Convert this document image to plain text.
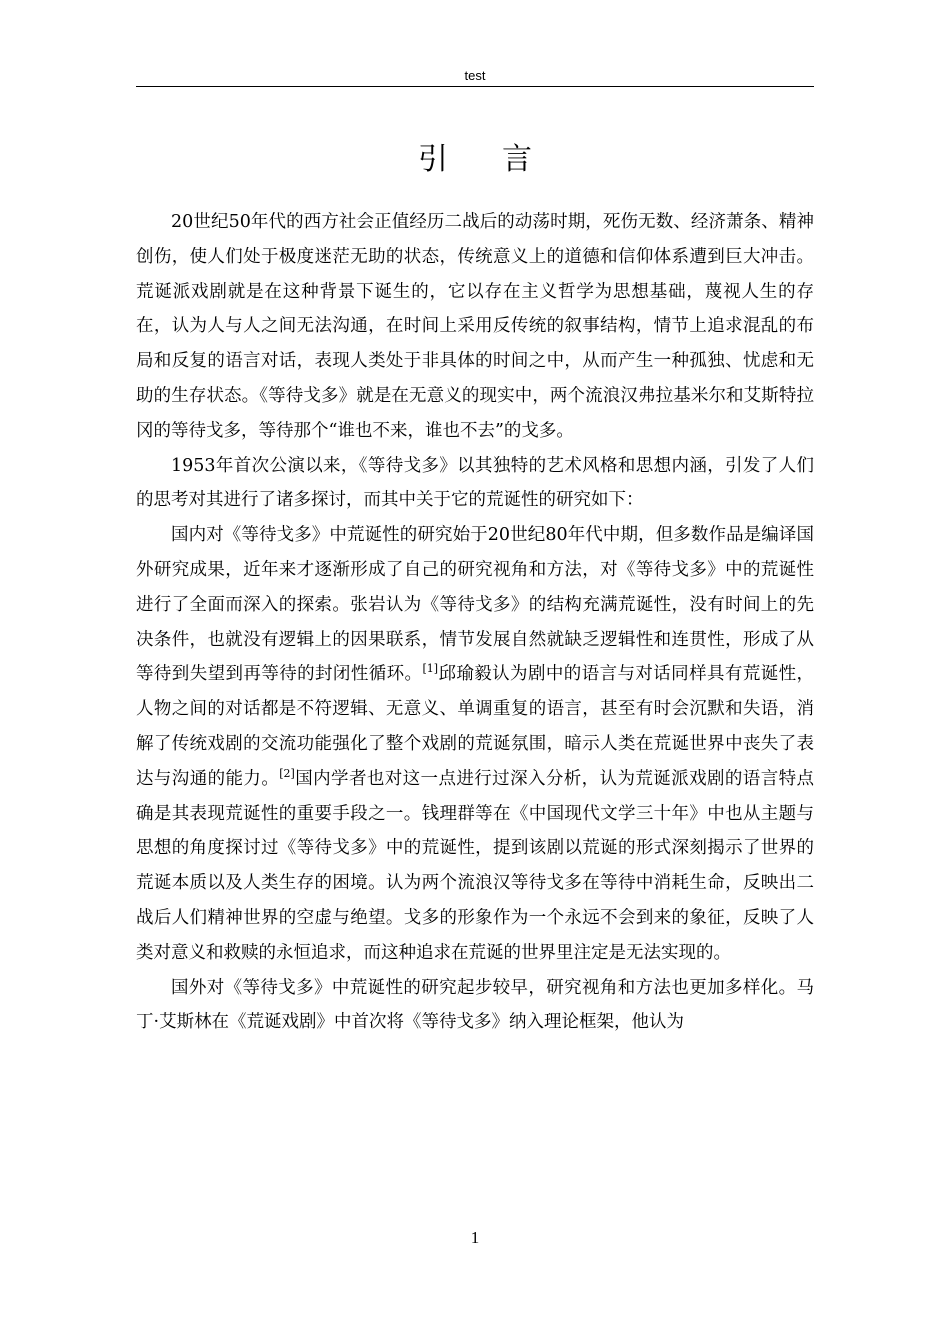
test
引言

20世纪50年代的西方社会正值经历二战后的动荡时期，死伤无数、经济萧条、精神创伤，使人们处于极度迷茫无助的状态，传统意义上的道德和信仰体系遭到巨大冲击。荒诞派戏剧就是在这种背景下诞生的，它以存在主义哲学为思想基础，蔑视人生的存在，认为人与人之间无法沟通，在时间上采用反传统的叙事结构，情节上追求混乱的布局和反复的语言对话，表现人类处于非具体的时间之中，从而产生一种孤独、忧虑和无助的生存状态。《等待戈多》就是在无意义的现实中，两个流浪汉弗拉基米尔和艾斯特拉冈的等待戈多，等待那个“谁也不来，谁也不去”的戈多。

1953年首次公演以来，《等待戈多》以其独特的艺术风格和思想内涵，引发了人们的思考对其进行了诸多探讨，而其中关于它的荒诞性的研究如下：

国内对《等待戈多》中荒诞性的研究始于20世纪80年代中期，但多数作品是编译国外研究成果，近年来才逐渐形成了自己的研究视角和方法，对《等待戈多》中的荒诞性进行了全面而深入的探索。张岩认为《等待戈多》的结构充满荒诞性，没有时间上的先决条件，也就没有逻辑上的因果联系，情节发展自然就缺乏逻辑性和连贯性，形成了从等待到失望到再等待的封闭性循环。[1]邱瑜毅认为剧中的语言与对话同样具有荒诞性，人物之间的对话都是不符逻辑、无意义、单调重复的语言，甚至有时会沉默和失语，消解了传统戏剧的交流功能强化了整个戏剧的荒诞氛围，暗示人类在荒诞世界中丧失了表达与沟通的能力。[2]国内学者也对这一点进行过深入分析，认为荒诞派戏剧的语言特点确是其表现荒诞性的重要手段之一。钱理群等在《中国现代文学三十年》中也从主题与思想的角度探讨过《等待戈多》中的荒诞性，提到该剧以荒诞的形式深刻揭示了世界的荒诞本质以及人类生存的困境。认为两个流浪汉等待戈多在等待中消耗生命，反映出二战后人们精神世界的空虚与绝望。戈多的形象作为一个永远不会到来的象征，反映了人类对意义和救赎的永恒追求，而这种追求在荒诞的世界里注定是无法实现的。

国外对《等待戈多》中荒诞性的研究起步较早，研究视角和方法也更加多样化。马丁·艾斯林在《荒诞戏剧》中首次将《等待戈多》纳入理论框架，他认为

1
